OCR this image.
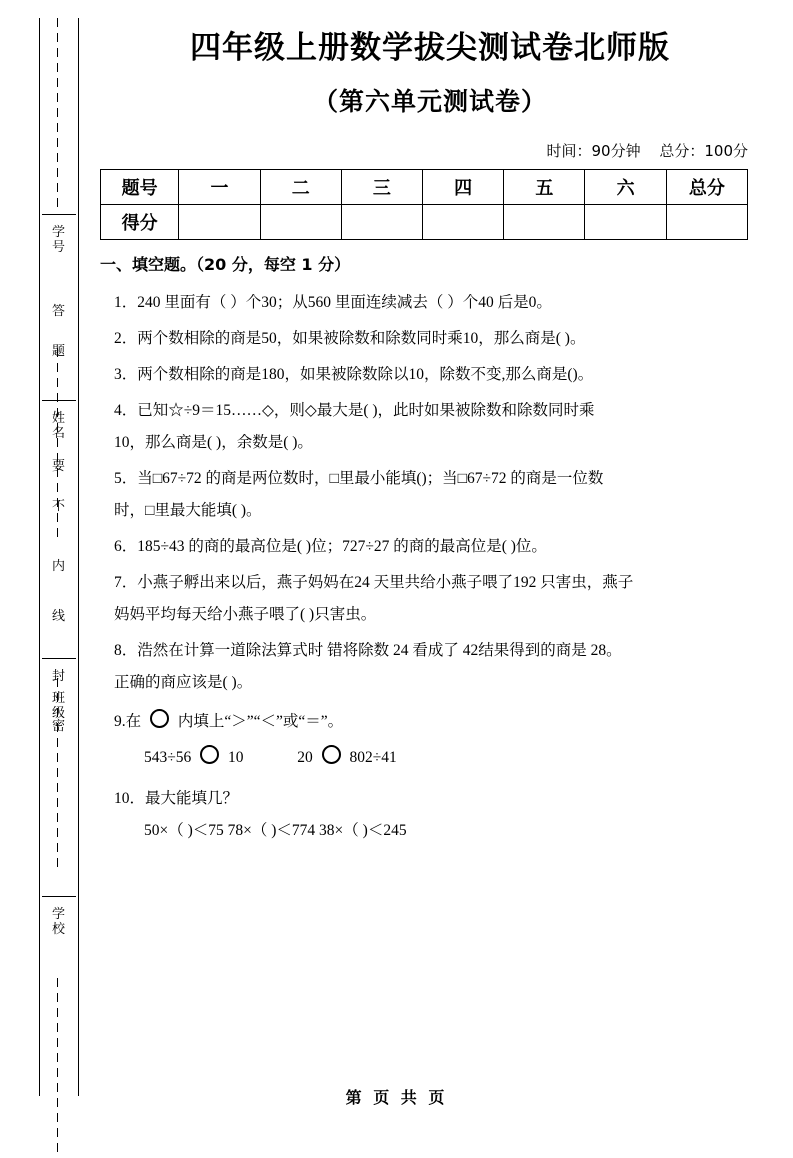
学号
答
题
姓名
要
不
内
线
封
密
班级
学校
四年级上册数学拔尖测试卷北师版
（第六单元测试卷）
时间：90分钟 总分：100分
题号	一	二	三	四	五	六	总分
得分							
一、填空题。（20 分，每空 1 分）
1．240 里面有（ ）个30；从560 里面连续减去（ ）个40 后是0。
2．两个数相除的商是50，如果被除数和除数同时乘10，那么商是( )。
3．两个数相除的商是180，如果被除数除以10，除数不变,那么商是()。
4．已知☆÷9＝15……◇，则◇最大是( )，此时如果被除数和除数同时乘
10，那么商是( )，余数是( )。
5．当□67÷72 的商是两位数时，□里最小能填()；当□67÷72 的商是一位数
时，□里最大能填( )。
6．185÷43 的商的最高位是( )位；727÷27 的商的最高位是( )位。
7．小燕子孵出来以后，燕子妈妈在24 天里共给小燕子喂了192 只害虫，燕子
妈妈平均每天给小燕子喂了( )只害虫。
8．浩然在计算一道除法算式时 错将除数 24 看成了 42结果得到的商是 28。
正确的商应该是( )。
9.在 内填上“＞”“＜”或“＝”。
543÷56 10	20 802÷41
10．最大能填几？
50×（ )＜75 78×（ )＜774 38×（ )＜245
第 页 共 页
